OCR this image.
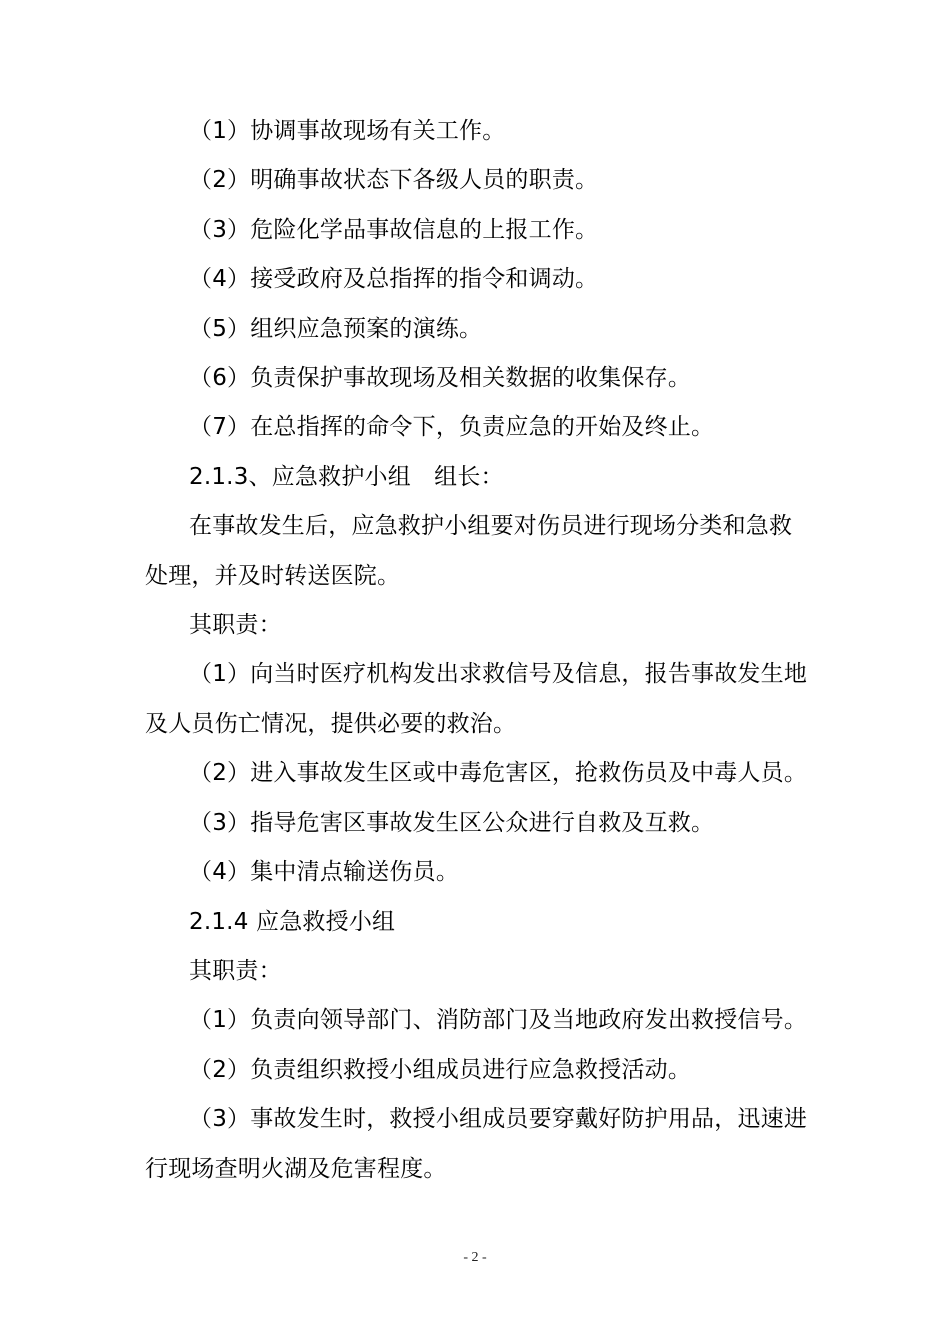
（1）协调事故现场有关工作。

（2）明确事故状态下各级人员的职责。

（3）危险化学品事故信息的上报工作。

（4）接受政府及总指挥的指令和调动。

（5）组织应急预案的演练。

（6）负责保护事故现场及相关数据的收集保存。

（7）在总指挥的命令下，负责应急的开始及终止。

2.1.3、应急救护小组　组长：

在事故发生后，应急救护小组要对伤员进行现场分类和急救处理，并及时转送医院。

其职责：

（1）向当时医疗机构发出求救信号及信息，报告事故发生地及人员伤亡情况，提供必要的救治。

（2）进入事故发生区或中毒危害区，抢救伤员及中毒人员。

（3）指导危害区事故发生区公众进行自救及互救。

（4）集中清点输送伤员。

2.1.4 应急救授小组

其职责：

（1）负责向领导部门、消防部门及当地政府发出救授信号。

（2）负责组织救授小组成员进行应急救授活动。

（3）事故发生时，救授小组成员要穿戴好防护用品，迅速进行现场查明火湖及危害程度。

- 2 -
